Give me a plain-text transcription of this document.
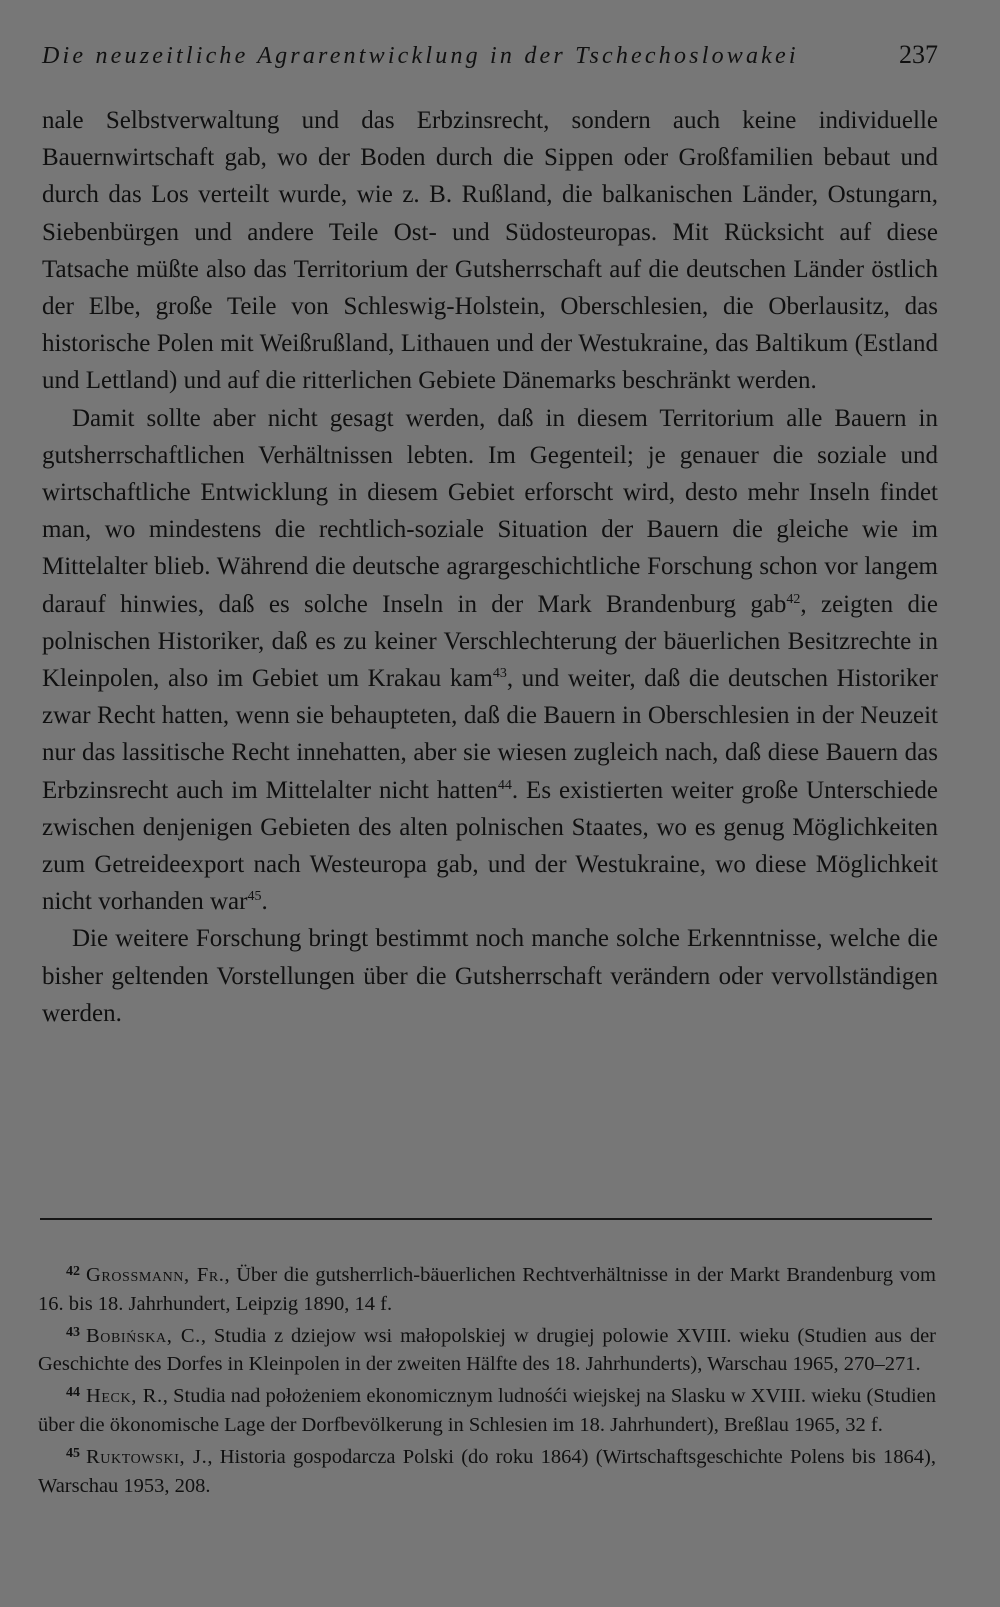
Die neuzeitliche Agrarentwicklung in der Tschechoslowakei	237

nale Selbstverwaltung und das Erbzinsrecht, sondern auch keine individuelle Bauernwirtschaft gab, wo der Boden durch die Sippen oder Großfamilien bebaut und durch das Los verteilt wurde, wie z. B. Rußland, die balkanischen Länder, Ostungarn, Siebenbürgen und andere Teile Ost- und Südosteuropas. Mit Rücksicht auf diese Tatsache müßte also das Territorium der Gutsherrschaft auf die deutschen Länder östlich der Elbe, große Teile von Schleswig-Holstein, Oberschlesien, die Oberlausitz, das historische Polen mit Weißrußland, Lithauen und der Westukraine, das Baltikum (Estland und Lettland) und auf die ritterlichen Gebiete Dänemarks beschränkt werden.

Damit sollte aber nicht gesagt werden, daß in diesem Territorium alle Bauern in gutsherrschaftlichen Verhältnissen lebten. Im Gegenteil; je genauer die soziale und wirtschaftliche Entwicklung in diesem Gebiet erforscht wird, desto mehr Inseln findet man, wo mindestens die rechtlich-soziale Situation der Bauern die gleiche wie im Mittelalter blieb. Während die deutsche agrargeschichtliche Forschung schon vor langem darauf hinwies, daß es solche Inseln in der Mark Brandenburg gab$^{42}$, zeigten die polnischen Historiker, daß es zu keiner Verschlechterung der bäuerlichen Besitzrechte in Kleinpolen, also im Gebiet um Krakau kam$^{43}$, und weiter, daß die deutschen Historiker zwar Recht hatten, wenn sie behaupteten, daß die Bauern in Oberschlesien in der Neuzeit nur das lassitische Recht innehatten, aber sie wiesen zugleich nach, daß diese Bauern das Erbzinsrecht auch im Mittelalter nicht hatten$^{44}$. Es existierten weiter große Unterschiede zwischen denjenigen Gebieten des alten polnischen Staates, wo es genug Möglichkeiten zum Getreideexport nach Westeuropa gab, und der Westukraine, wo diese Möglichkeit nicht vorhanden war$^{45}$.

Die weitere Forschung bringt bestimmt noch manche solche Erkenntnisse, welche die bisher geltenden Vorstellungen über die Gutsherrschaft verändern oder vervollständigen werden.

$^{42}$ Grossmann, Fr., Über die gutsherrlich-bäuerlichen Rechtverhältnisse in der Markt Brandenburg vom 16. bis 18. Jahrhundert, Leipzig 1890, 14 f.

$^{43}$ Bobińska, C., Studia z dziejow wsi małopolskiej w drugiej polowie XVIII. wieku (Studien aus der Geschichte des Dorfes in Kleinpolen in der zweiten Hälfte des 18. Jahrhunderts), Warschau 1965, 270–271.

$^{44}$ Heck, R., Studia nad położeniem ekonomicznym ludnośći wiejskej na Slasku w XVIII. wieku (Studien über die ökonomische Lage der Dorfbevölkerung in Schlesien im 18. Jahrhundert), Breßlau 1965, 32 f.

$^{45}$ Ruktowski, J., Historia gospodarcza Polski (do roku 1864) (Wirtschaftsgeschichte Polens bis 1864), Warschau 1953, 208.
